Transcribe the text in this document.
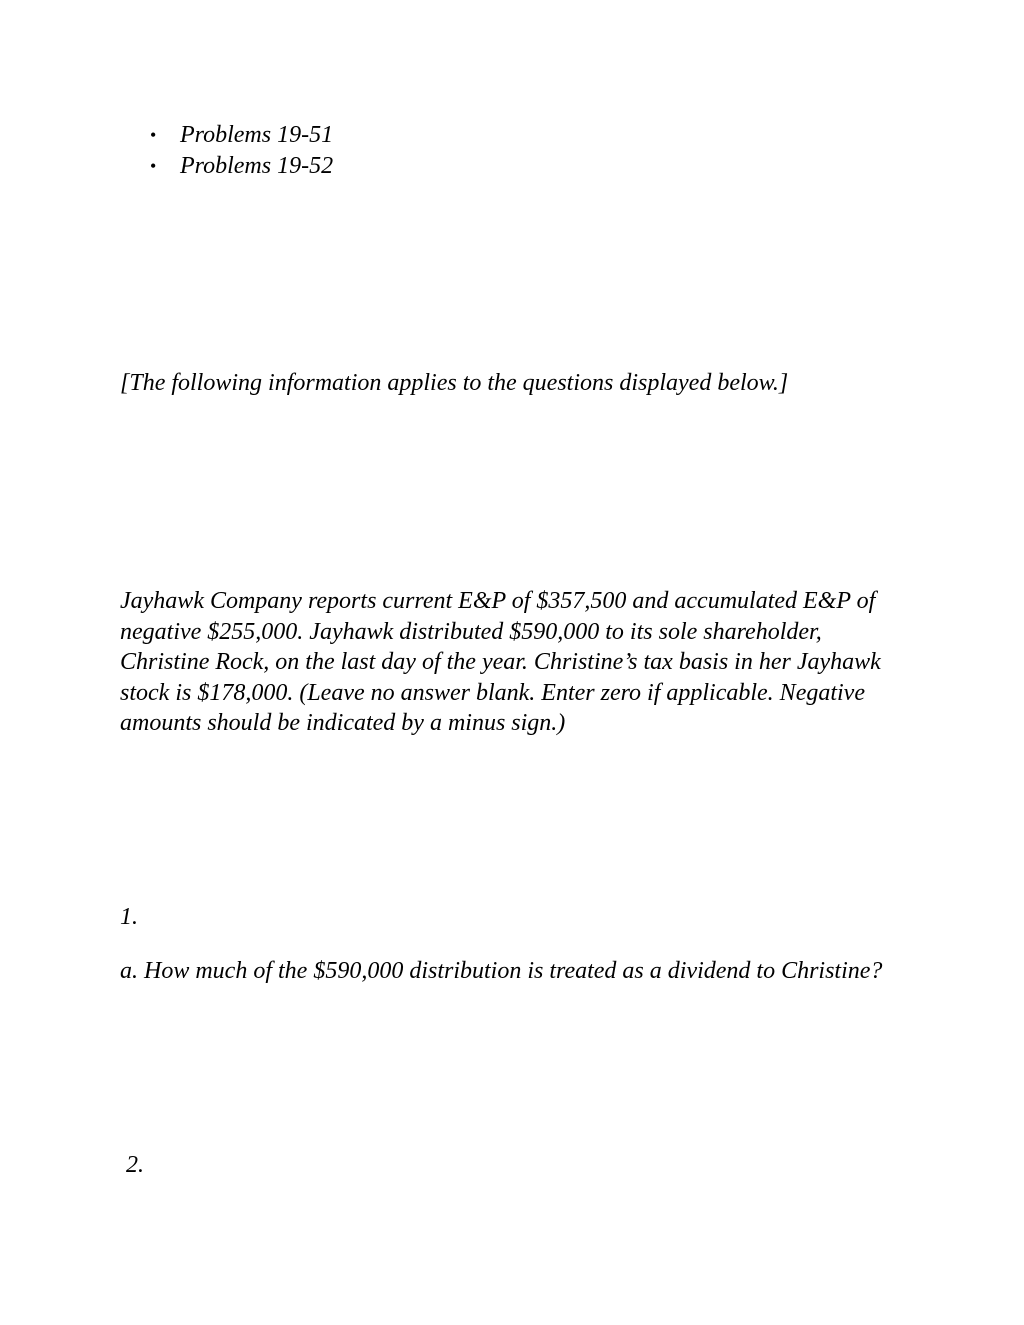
• Problems 19-51
• Problems 19-52

[The following information applies to the questions displayed below.]

Jayhawk Company reports current E&P of $357,500 and accumulated E&P of negative $255,000. Jayhawk distributed $590,000 to its sole shareholder, Christine Rock, on the last day of the year. Christine’s tax basis in her Jayhawk stock is $178,000. (Leave no answer blank. Enter zero if applicable. Negative amounts should be indicated by a minus sign.)

1.

a. How much of the $590,000 distribution is treated as a dividend to Christine?

2.
